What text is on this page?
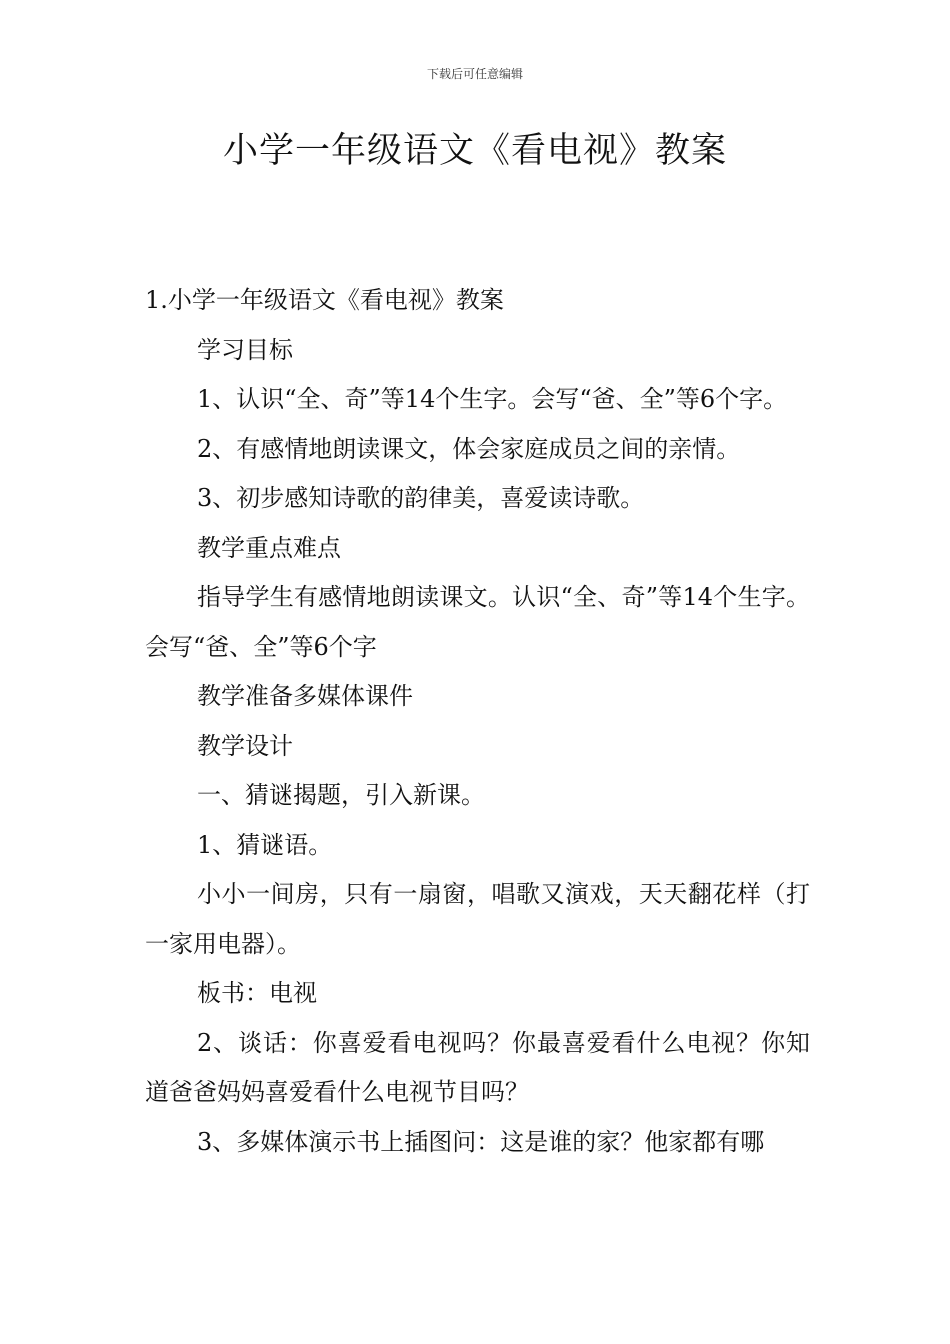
下载后可任意编辑
小学一年级语文《看电视》教案

1.小学一年级语文《看电视》教案

学习目标

1、认识“全、奇”等14个生字。会写“爸、全”等6个字。

2、有感情地朗读课文，体会家庭成员之间的亲情。

3、初步感知诗歌的韵律美，喜爱读诗歌。

教学重点难点

指导学生有感情地朗读课文。认识“全、奇”等14个生字。会写“爸、全”等6个字

教学准备多媒体课件

教学设计

一、猜谜揭题，引入新课。

1、猜谜语。

小小一间房，只有一扇窗，唱歌又演戏，天天翻花样（打一家用电器）。

板书：电视

2、谈话：你喜爱看电视吗？你最喜爱看什么电视？你知道爸爸妈妈喜爱看什么电视节目吗？

3、多媒体演示书上插图问：这是谁的家？他家都有哪
